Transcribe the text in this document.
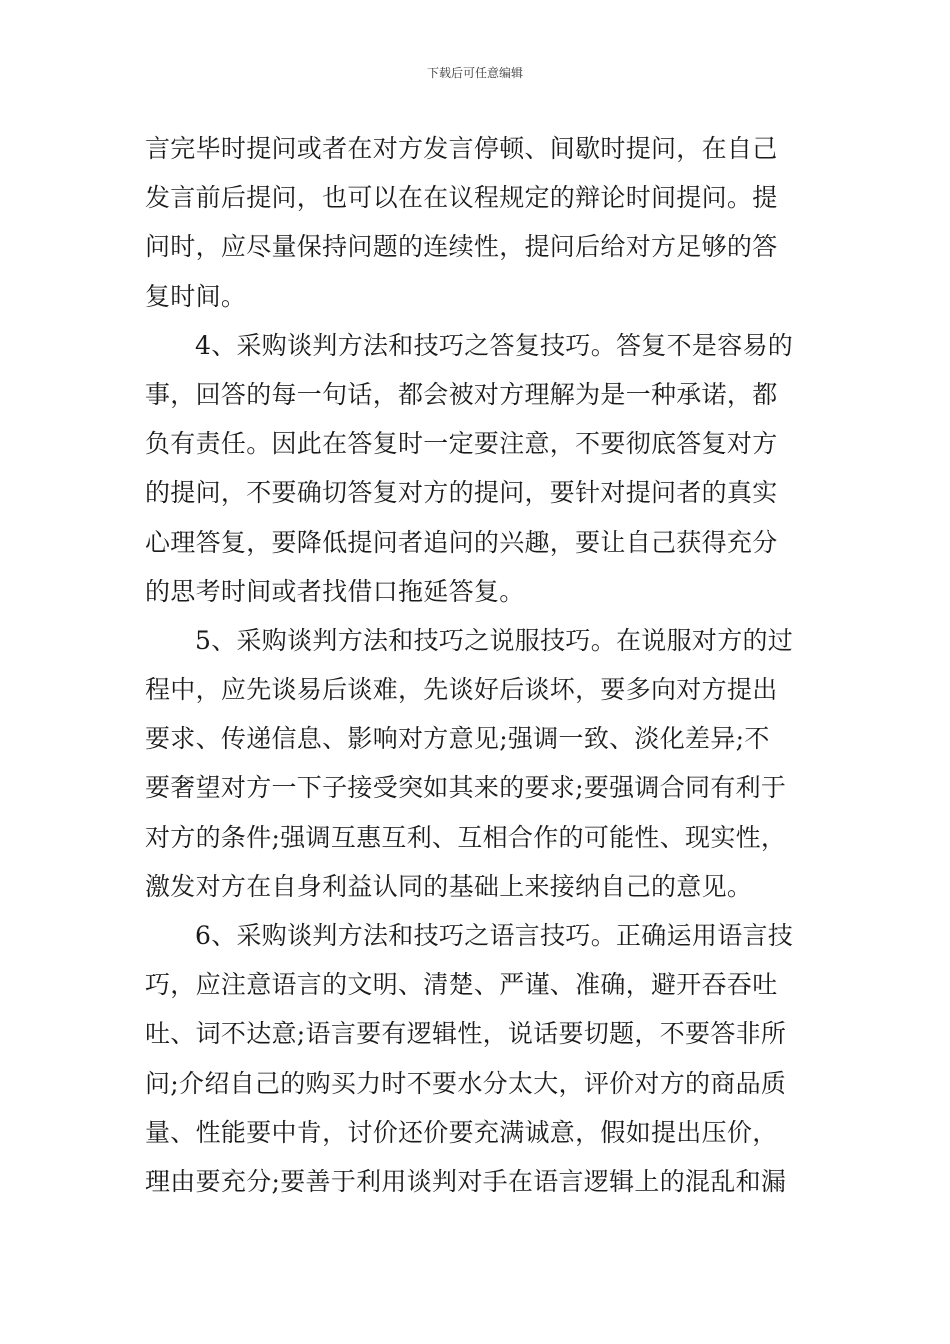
下载后可任意编辑
言完毕时提问或者在对方发言停顿、间歇时提问，在自己
发言前后提问，也可以在在议程规定的辩论时间提问。提
问时，应尽量保持问题的连续性，提问后给对方足够的答
复时间。
4、采购谈判方法和技巧之答复技巧。答复不是容易的
事，回答的每一句话，都会被对方理解为是一种承诺，都
负有责任。因此在答复时一定要注意，不要彻底答复对方
的提问，不要确切答复对方的提问，要针对提问者的真实
心理答复，要降低提问者追问的兴趣，要让自己获得充分
的思考时间或者找借口拖延答复。
5、采购谈判方法和技巧之说服技巧。在说服对方的过
程中，应先谈易后谈难，先谈好后谈坏，要多向对方提出
要求、传递信息、影响对方意见;强调一致、淡化差异;不
要奢望对方一下子接受突如其来的要求;要强调合同有利于
对方的条件;强调互惠互利、互相合作的可能性、现实性，
激发对方在自身利益认同的基础上来接纳自己的意见。
6、采购谈判方法和技巧之语言技巧。正确运用语言技
巧，应注意语言的文明、清楚、严谨、准确，避开吞吞吐
吐、词不达意;语言要有逻辑性，说话要切题，不要答非所
问;介绍自己的购买力时不要水分太大，评价对方的商品质
量、性能要中肯，讨价还价要充满诚意，假如提出压价，
理由要充分;要善于利用谈判对手在语言逻辑上的混乱和漏
